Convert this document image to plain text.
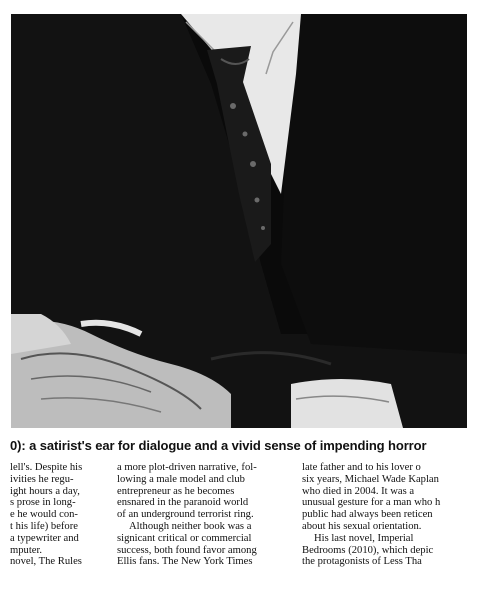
0): a satirist's ear for dialogue and a vivid sense of impending horror
lell's. Despite his
ivities he regu-
ight hours a day,
s prose in long-
e he would con-
t his life) before
a typewriter and
mputer.
novel, The Rules
a more plot-driven narrative, fol-
lowing a male model and club
entrepreneur as he becomes
ensnared in the paranoid world
of an underground terrorist ring.
Although neither book was a
signicant critical or commercial
success, both found favor among
Ellis fans. The New York Times
late father and to his lover o
six years, Michael Wade Kaplan
who died in 2004. It was a
unusual gesture for a man who h
public had always been reticen
about his sexual orientation.
His last novel, Imperial
Bedrooms (2010), which depic
the protagonists of Less Tha
